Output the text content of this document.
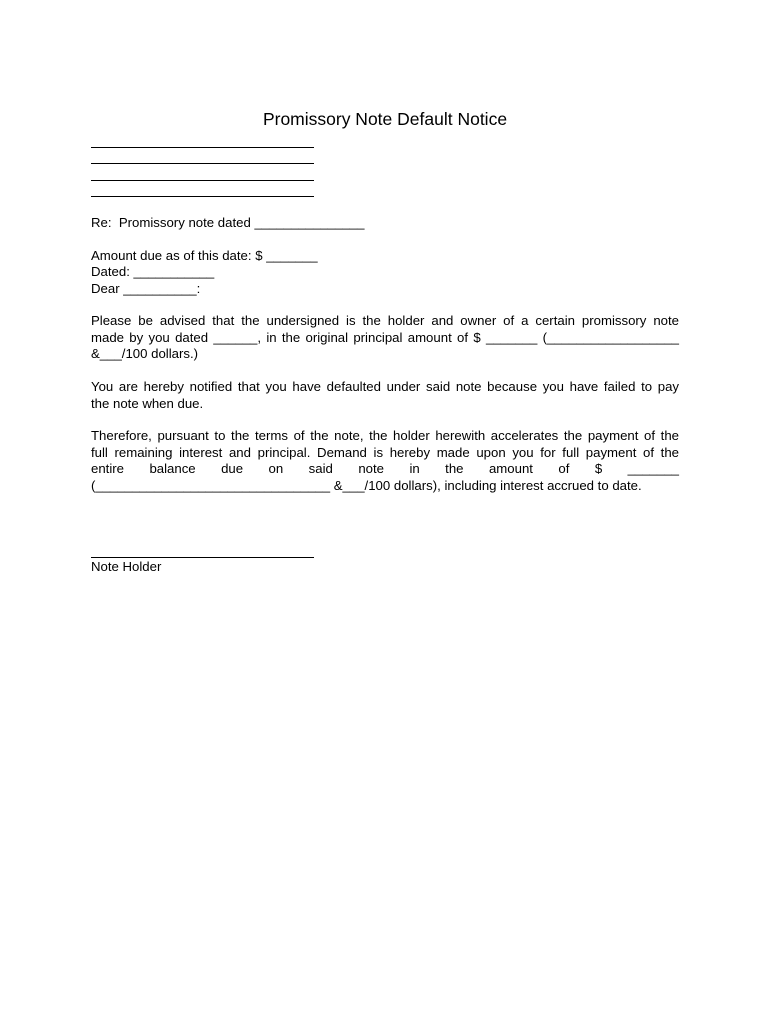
Promissory Note Default Notice
Re:  Promissory note dated _______________
Amount due as of this date: $ _______
Dated: ___________
Dear __________:
Please be advised that the undersigned is the holder and owner of a certain promissory note
made by you dated ______, in the original principal amount of $ _______ (__________________
&___/100 dollars.)
You are hereby notified that you have defaulted under said note because you have failed to pay
the note when due.
Therefore, pursuant to the terms of the note, the holder herewith accelerates the payment of the
full remaining interest and principal. Demand is hereby made upon you for full payment of the
entire balance due on said note in the amount of $ _______
(________________________________ &___/100 dollars), including interest accrued to date.
Note Holder
